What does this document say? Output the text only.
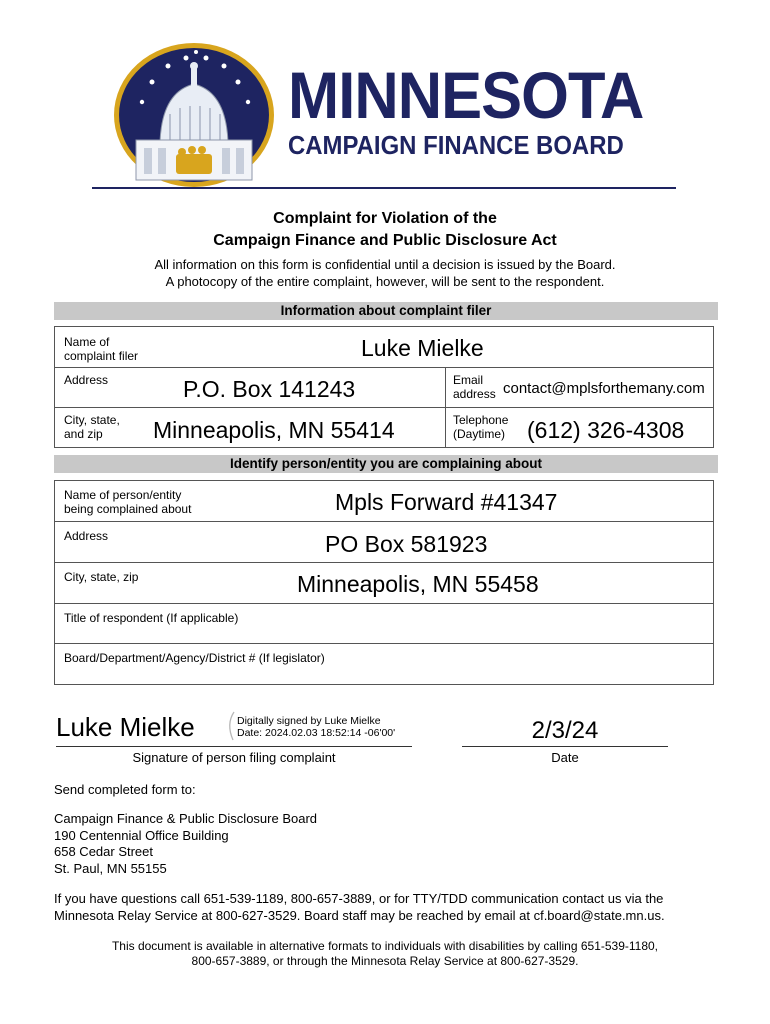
MINNESOTA
CAMPAIGN FINANCE BOARD
Complaint for Violation of the
Campaign Finance and Public Disclosure Act
All information on this form is confidential until a decision is issued by the Board.
A photocopy of the entire complaint, however, will be sent to the respondent.
Information about complaint filer
Name of
complaint filer	Luke Mielke
Address	P.O. Box 141243	Email
address contact@mplsforthemany.com
City, state,
and zip	Minneapolis, MN 55414	Telephone
(Daytime) (612) 326-4308
Identify person/entity you are complaining about
Name of person/entity
being complained about	Mpls Forward #41347
Address	PO Box 581923
City, state, zip	Minneapolis, MN 55458
Title of respondent (If applicable)
Board/Department/Agency/District # (If legislator)
Luke Mielke	Digitally signed by Luke Mielke
Date: 2024.02.03 18:52:14 -06'00'
Signature of person filing complaint
2/3/24
Date
Send completed form to:
Campaign Finance & Public Disclosure Board
190 Centennial Office Building
658 Cedar Street
St. Paul, MN 55155
If you have questions call 651-539-1189, 800-657-3889, or for TTY/TDD communication contact us via the
Minnesota Relay Service at 800-627-3529. Board staff may be reached by email at cf.board@state.mn.us.
This document is available in alternative formats to individuals with disabilities by calling 651-539-1180,
800-657-3889, or through the Minnesota Relay Service at 800-627-3529.
